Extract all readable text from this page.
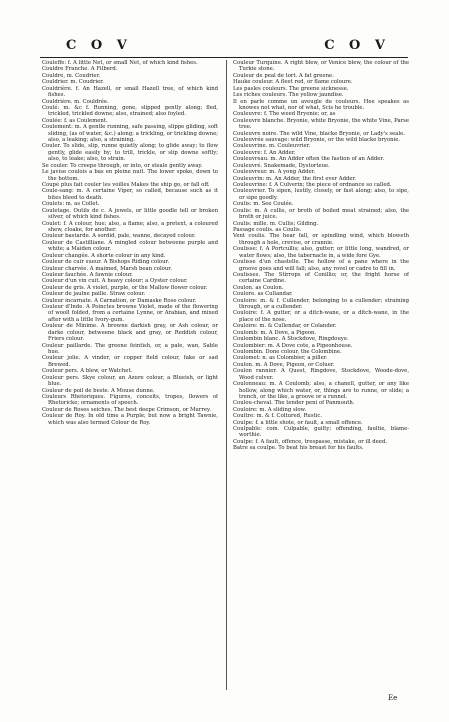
C O V	C O V

Couleffe: f. A little Net, or small Net, of which kind fishes.

Couldre Franche. A Filberd.

Couldre, m. Coudrier.

Couldrier. m. Coudrier.

Couldrière. f. An Hazell, or small Hazell tree, of which kind fishes.

Couldrière. m. Couldrée.

Coulé: m. &c f. Running, gone, slipped gently along; fled, trickled, trickled downe; also, strained; also foyled.

Coulée: f. as Coulement.

Coulement: m. A gentle running, safe passing, slippe gliding, soft sliding, (as of water, &c.) along; a trickling, or trickling downe; also, a leaking; also, a straining.

Couler. To slide, slip, runne quietly along; to glide away; to flow gently, glide easily by; to trill, trickle, or slip downe softly; also, to leake; also, to strain.

Se couler. To creepe through, or into, or steale gently away.

Le javise coulois a bas en pleine nuit. The lower spoke, down to the bottom.

Coupé plus fait couler les voilles Makes the ship go, or fall off.

Coule-sang: m. A certaine Viper, so called, because such as it bites bleed to death.

Coulets: m. as Collet.

Couletage. Outils de c. A jewels, or little goodle tell or broken silver, of which kind fishes.

Coulet: f. A colour, hue; also, a flame; also, a pretext, a coloured shew, cloake, for another.

Couleur bastarde. A sordid, pale, wanne, decayed colour.

Couleur de Castilliane. A mingled colour betweene purple and white; a Maiden colour.

Couleur changée. A shorte colour in any kind.

Couleur de cuir sueur. A Bishops Riding colour.

Couleur charvée. A maimed, Marsh bean colour.

Couleur fauchée. A fawnie colour.

Couleur d'un vin cuit. A heavy colour; a Oyster colour.

Couleur de gris. A violet, purple, or the Mallow flower colour.

Couleur de jaulne paille. Straw colour.

Couleur incarnate. A Carnation, or Damaske Rose colour.

Couleur d'Inde. A Poinctes browne Violet, made of the flowering of wooll folded, from a certaine Lynne, or Arabian, and mixed after with a little Ivory-gum.

Couleur de Minime. A browne darkish gray, or Ash colour, or darke colour, betweene black and gray, or Reddish colour, Friers colour.

Couleur paillarde. The greene feintish, or, a pale, wan, Sable hue.

Couleur jolie. A vinder, or copper field colour, fake or sad Brewed.

Couleur pers. A blew, or Watchet.

Couleur pers. Skye colour, an Azure colour, a Blueish, or light blue.

Couleur de poil de beste. A Mouse dunne.

Couleurs Rhetoriques. Figures, conceits, tropes, flowers of Rhetoricke; ornaments of speech.

Couleur de Roses seiches. The best deepe Crimson, or Murrey.

Couleur de Roy. In old time a Purple; but now a bright Tawnie, which was also termed Colour de Roy.

Couleur Turquine. A right blew, or Venice blew, the colour of the Turkie stone.

Couleur de peal de tort. A fat greene.

Hauke couleur. A fleet red, or flame coloure.

Les pasles couleurs. The greene sicknesse.

Les riches couleurs. The yellow jaundise.

Il en parle comme un aveugle de couleurs. Hee speakes as knowes not what, nor of what, Scis he trouble.

Couleuvre: f. The weed Bryonie; or, as

Couleuvre blanche. Bryonie, white Bryonie, the white Vine, Parse tree.

Couleuvre noire. The wild Vine, blacke Bryonie, or Lady's seale.

Couleuvrée sauvage: wild Bryonie, or the wild blacke bryonie.

Couleuvrine. m. Couleuvrier.

Couleuvre: f. An Adder.

Couleuvreau. m. An Adder often the fastion of an Adder.

Couleuvré. Snakemade, Dystorteue.

Couleuvreur. m. A yong Adder.

Couleuvrin: m. An Adder, the first ever Adder.

Couleuvrine: f. A Culverin; the piece of ordnance so called.

Couleuvrier. To sipen, lustily, closely, or fast along; also, to sipe, or sipe goodly.

Coulis: m. See Coulée.

Coulis: m. A cullis, or broth of boiled meat strained; also, the broth or juice.

Coulis: mille. m. Cullis; Gilding.

Passage coulis. as Coulis.

Vent coulis. The hear fall, or spindling wind, which bloweth through a hole, crevise, or crannie.

Coulisse: f. A Portcullis; also, gutter; or little long, wandred, or water flows; also, the tabernacle in, a wide fore Gye.

Coulisse d'un chastelle. The hollow of a pane where in the groove goes and will fall; also, any rovel or cadre to fill in.

Coulisses. The Stirrops of Conillio; or, the fright horse of certaine Cardine.

Coulon. as Coulon.

Coulore. as Cullandar.

Couloire: m. & f. Cullender, belonging to a cullender; straining through, or a cullender.

Couloire: f. A gutter, or a ditch-wane, or a ditch-wane, in the place of the nose.

Couloire: m. & Cullendar, or Colander.

Coulomb: m. A Dove, a Pigeon.

Coulombin blanc. A Stockdove, Ringdouye.

Coulombier: m. A Dove cote, a Pigeonhouse.

Coulombin. Done colour, the Colombine.

Coulomet: n. as Colombier, a piller.

Coulon. m. A Dove, Pigeon, or Coluer.

Coulon rannier. A Quest, Ringdove, Stockdove, Woode-dove, Wood culver.

Coulonneau: m. A Coulomb; also, a chanell, gutter, or any like hollow, along which water, or, things are to runne, or slide; a trench, or the like, a groove or a runnel.

Coulou-cheval. The tender peni of Panmouth.

Couloire: m. A sliding slow.

Coultre: m. & f. Coltured, Rustic.

Coulpe: f. a little shote, or fault, a small offence.

Coulpable: com. Culpable, guilty; offending, faultie, blame-worthie.

Coulpe: f. A fault, offence, trespasse, mistake, or ill deed.

Batre sa coulpe. To beat his breast for his faults.

Ee
